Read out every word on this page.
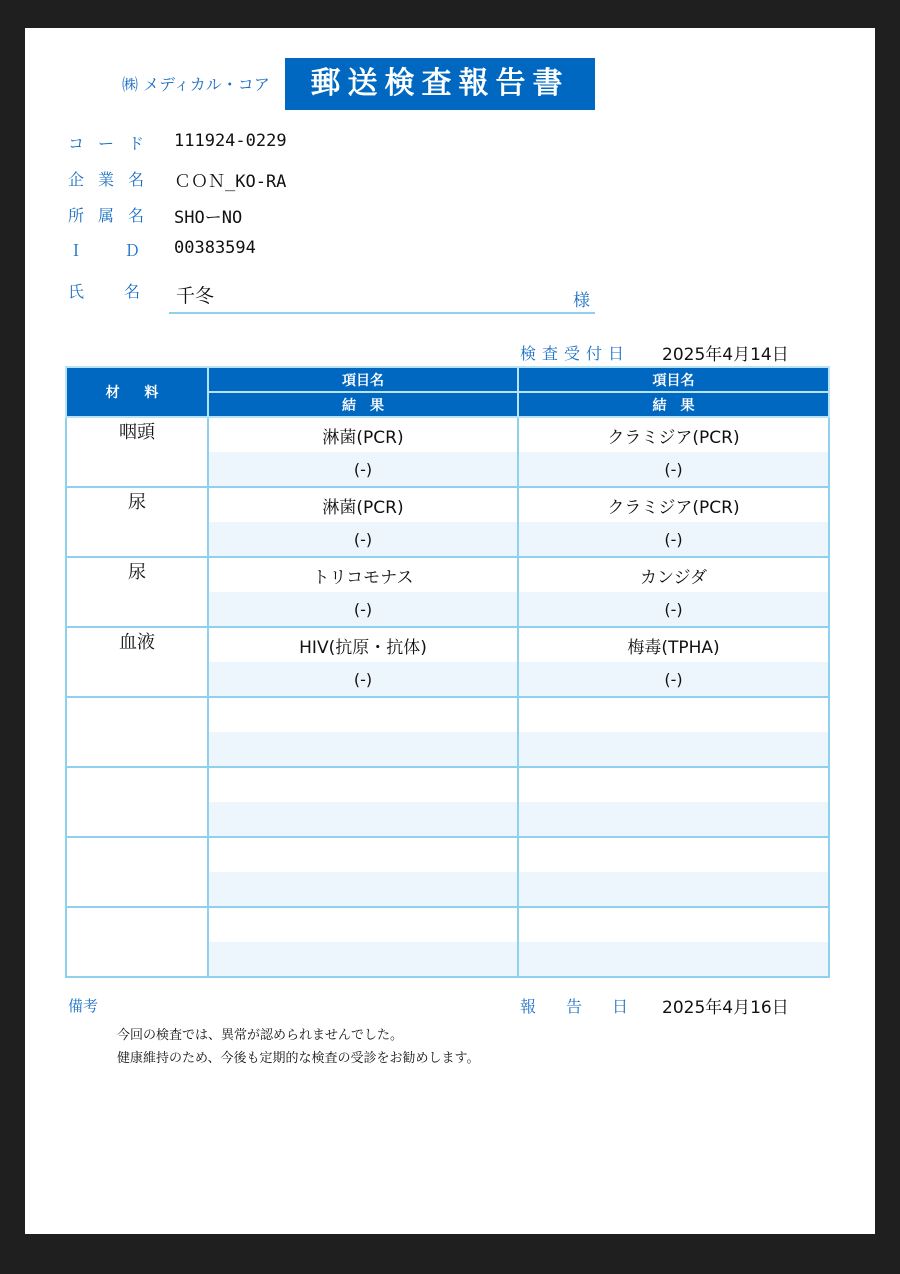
㈱ メディカル・コア	郵送検査報告書
コード 111924-0229
企業名 ＣＯＮ_KO-RA
所属名 SHOーNO
ＩＤ
00383594
氏名
千冬	様
検査受付日 2025年4月14日
材 料	項目名	項目名
	結　果	結　果
咽頭	淋菌(PCR)	クラミジア(PCR)
	(-)	(-)
尿	淋菌(PCR)	クラミジア(PCR)
	(-)	(-)
尿	トリコモナス	カンジダ
	(-)	(-)
血液	HIV(抗原・抗体)	梅毒(TPHA)
	(-)	(-)

備考	報告日 2025年4月16日
今回の検査では、異常が認められませんでした。
健康維持のため、今後も定期的な検査の受診をお勧めします。
